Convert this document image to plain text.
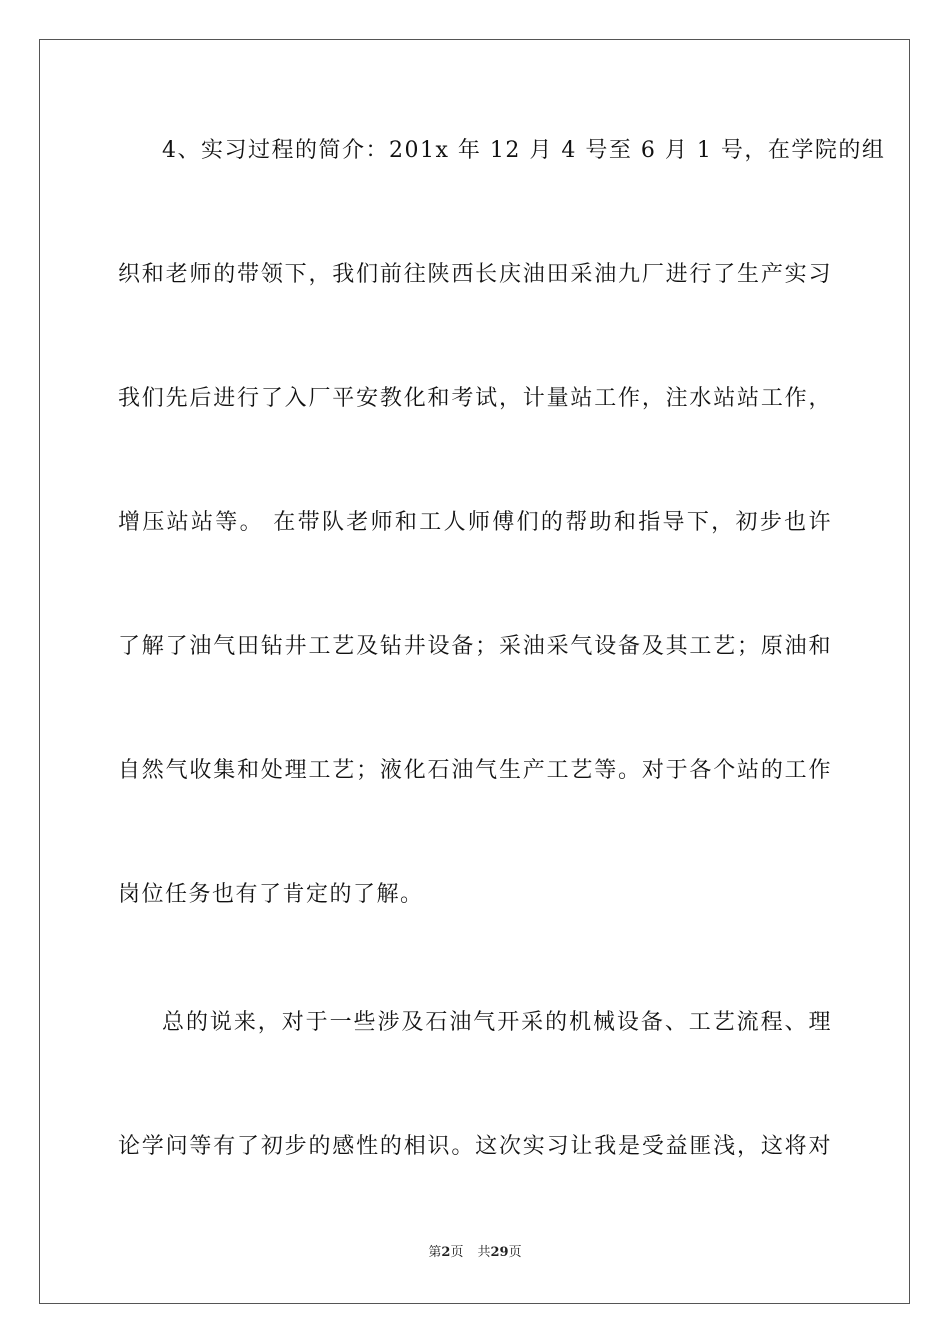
4、实习过程的简介：201x 年 12 月 4 号至 6 月 1 号，在学院的组
织和老师的带领下，我们前往陕西长庆油田采油九厂进行了生产实习
我们先后进行了入厂平安教化和考试，计量站工作，注水站站工作，
增压站站等。 在带队老师和工人师傅们的帮助和指导下，初步也许
了解了油气田钻井工艺及钻井设备；采油采气设备及其工艺；原油和
自然气收集和处理工艺；液化石油气生产工艺等。对于各个站的工作
岗位任务也有了肯定的了解。
总的说来，对于一些涉及石油气开采的机械设备、工艺流程、理
论学问等有了初步的感性的相识。这次实习让我是受益匪浅，这将对
第2页 共29页
